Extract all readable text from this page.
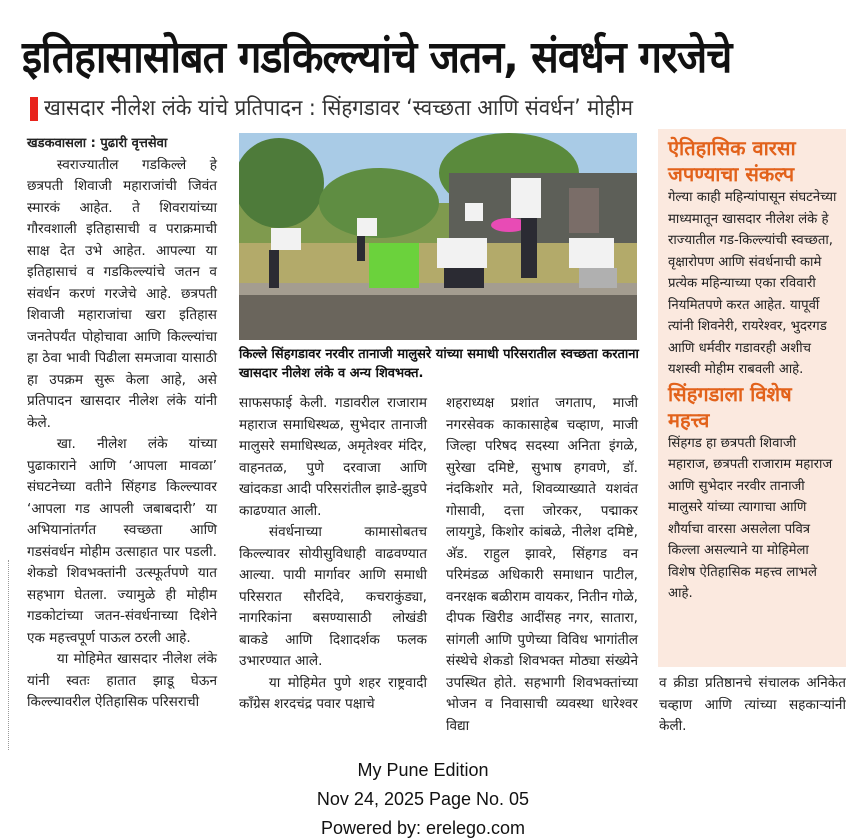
इतिहासासोबत गडकिल्ल्यांचे जतन, संवर्धन गरजेचे
खासदार नीलेश लंके यांचे प्रतिपादन : सिंहगडावर ‘स्वच्छता आणि संवर्धन’ मोहीम
खडकवासला : पुढारी वृत्तसेवा

स्वराज्यातील गडकिल्ले हे छत्रपती शिवाजी महाराजांची जिवंत स्मारकं आहेत. ते शिवरायांच्या गौरवशाली इतिहासाची व पराक्रमाची साक्ष देत उभे आहेत. आपल्या या इतिहासाचं व गडकिल्ल्यांचे जतन व संवर्धन करणं गरजेचे आहे. छत्रपती शिवाजी महाराजांचा खरा इतिहास जनतेपर्यंत पोहोचावा आणि किल्ल्यांचा हा ठेवा भावी पिढीला समजावा यासाठी हा उपक्रम सुरू केला आहे, असे प्रतिपादन खासदार नीलेश लंके यांनी केले.

खा. नीलेश लंके यांच्या पुढाकाराने आणि ‘आपला मावळा’ संघटनेच्या वतीने सिंहगड किल्ल्यावर ‘आपला गड आपली जबाबदारी’ या अभियानांतर्गत स्वच्छता आणि गडसंवर्धन मोहीम उत्साहात पार पडली. शेकडो शिवभक्तांनी उत्स्फूर्तपणे यात सहभाग घेतला. ज्यामुळे ही मोहीम गडकोटांच्या जतन-संवर्धनाच्या दिशेने एक महत्त्वपूर्ण पाऊल ठरली आहे.

या मोहिमेत खासदार नीलेश लंके यांनी स्वतः हातात झाडू घेऊन किल्ल्यावरील ऐतिहासिक परिसराची

किल्ले सिंहगडावर नरवीर तानाजी मालुसरे यांच्या समाधी परिसरातील स्वच्छता करताना खासदार नीलेश लंके व अन्य शिवभक्त.

साफसफाई केली. गडावरील राजाराम महाराज समाधिस्थळ, सुभेदार तानाजी मालुसरे समाधिस्थळ, अमृतेश्वर मंदिर, वाहनतळ, पुणे दरवाजा आणि खांदकडा आदी परिसरांतील झाडे-झुडपे काढण्यात आली.

संवर्धनाच्या कामासोबतच किल्ल्यावर सोयीसुविधाही वाढवण्यात आल्या. पायी मार्गावर आणि समाधी परिसरात सौरदिवे, कचराकुंड्या, नागरिकांना बसण्यासाठी लोखंडी बाकडे आणि दिशादर्शक फलक उभारण्यात आले.

या मोहिमेत पुणे शहर राष्ट्रवादी काँग्रेस शरदचंद्र पवार पक्षाचे

शहराध्यक्ष प्रशांत जगताप, माजी नगरसेवक काकासाहेब चव्हाण, माजी जिल्हा परिषद सदस्या अनिता इंगळे, सुरेखा दमिष्टे, सुभाष हगवणे, डॉ. नंदकिशोर मते, शिवव्याख्याते यशवंत गोसावी, दत्ता जोरकर, पद्माकर लायगुडे, किशोर कांबळे, नीलेश दमिष्टे, अ‍ॅड. राहुल झावरे, सिंहगड वन परिमंडळ अधिकारी समाधान पाटील, वनरक्षक बळीराम वायकर, नितीन गोळे, दीपक खिरीड आदींसह नगर, सातारा, सांगली आणि पुणेच्या विविध भागांतील संस्थेचे शेकडो शिवभक्त मोठ्या संख्येने उपस्थित होते. सहभागी शिवभक्तांच्या भोजन व निवासाची व्यवस्था धारेश्वर विद्या

ऐतिहासिक वारसा जपण्याचा संकल्प

गेल्या काही महिन्यांपासून संघटनेच्या माध्यमातून खासदार नीलेश लंके हे राज्यातील गड-किल्ल्यांची स्वच्छता, वृक्षारोपण आणि संवर्धनाची कामे प्रत्येक महिन्याच्या एका रविवारी नियमितपणे करत आहेत. यापूर्वी त्यांनी शिवनेरी, रायरेश्वर, भुदरगड आणि धर्मवीर गडावरही अशीच यशस्वी मोहीम राबवली आहे.

सिंहगडाला विशेष महत्त्व

सिंहगड हा छत्रपती शिवाजी महाराज, छत्रपती राजाराम महाराज आणि सुभेदार नरवीर तानाजी मालुसरे यांच्या त्यागाचा आणि शौर्याचा वारसा असलेला पवित्र किल्ला असल्याने या मोहिमेला विशेष ऐतिहासिक महत्त्व लाभले आहे.

व क्रीडा प्रतिष्ठानचे संचालक अनिकेत चव्हाण आणि त्यांच्या सहकाऱ्यांनी केली.

My Pune Edition
Nov 24, 2025 Page No. 05
Powered by: erelego.com
